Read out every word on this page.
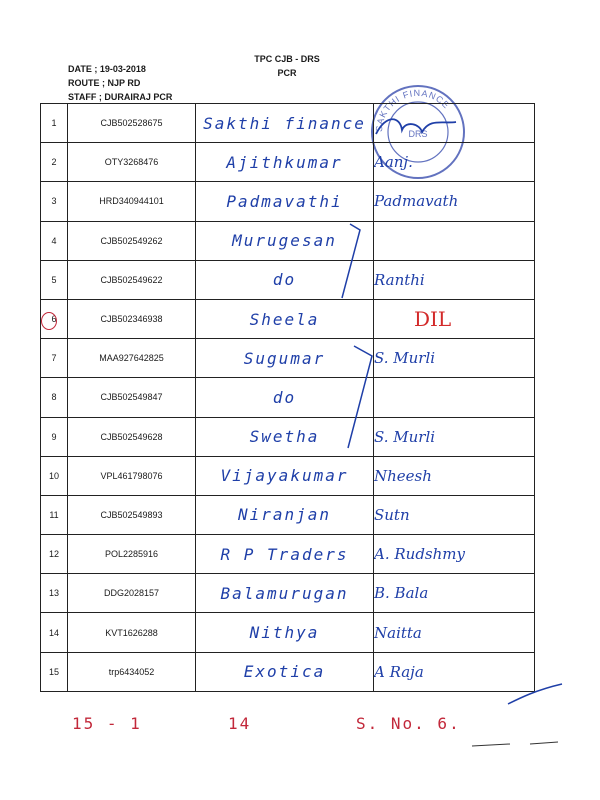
TPC CJB - DRS
PCR
DATE ; 19-03-2018
ROUTE ; NJP RD
STAFF ; DURAIRAJ PCR
SAKTHI FINANCE
DRS
1	CJB502528675	Sakthi finance	
2	OTY3268476	Ajithkumar	Aanj.
3	HRD340944101	Padmavathi	Padmavath
4	CJB502549262	Murugesan	
5	CJB502549622	do	Ranthi
6	CJB502346938	Sheela	DIL
7	MAA927642825	Sugumar	S. Murli
8	CJB502549847	do	
9	CJB502549628	Swetha	S. Murli
10	VPL461798076	Vijayakumar	Nheesh
11	CJB502549893	Niranjan	Sutn
12	POL2285916	R P Traders	A. Rudshmy
13	DDG2028157	Balamurugan	B. Bala
14	KVT1626288	Nithya	Naitta
15	trp6434052	Exotica	A Raja
15 - 1	14	S. No. 6.
